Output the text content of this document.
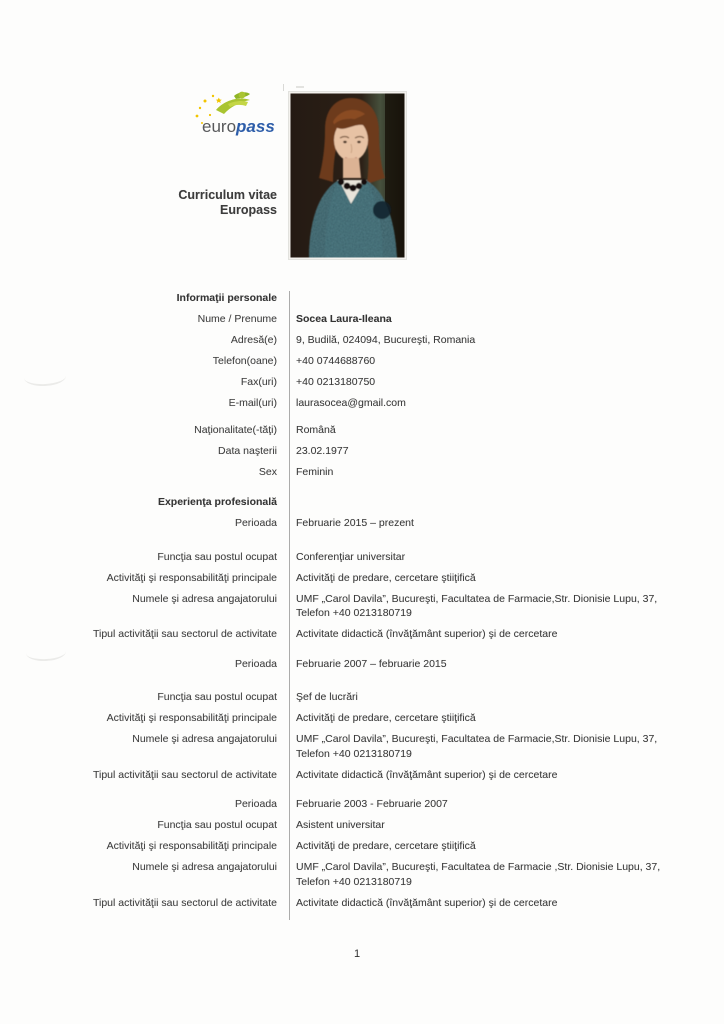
europass
Curriculum vitae
Europass
Informaţii personale
Nume / Prenume	Socea Laura-Ileana
Adresă(e)	9, Budilă, 024094, Bucureşti, Romania
Telefon(oane)	+40 0744688760
Fax(uri)	+40 0213180750
E-mail(uri)	laurasocea@gmail.com
Naţionalitate(-tăţi)	Română
Data naşterii	23.02.1977
Sex	Feminin
Experienţa profesională
Perioada	Februarie 2015 – prezent
Funcţia sau postul ocupat	Conferenţiar universitar
Activităţi şi responsabilităţi principale	Activităţi de predare, cercetare ştiiţifică
Numele şi adresa angajatorului	UMF „Carol Davila”, Bucureşti, Facultatea de Farmacie,Str. Dionisie Lupu, 37,
Telefon +40 0213180719
Tipul activităţii sau sectorul de activitate	Activitate didactică (învăţământ superior) şi de cercetare
Perioada	Februarie 2007 – februarie 2015
Funcţia sau postul ocupat	Şef de lucrări
Activităţi şi responsabilităţi principale	Activităţi de predare, cercetare ştiiţifică
Numele şi adresa angajatorului	UMF „Carol Davila”, Bucureşti, Facultatea de Farmacie,Str. Dionisie Lupu, 37,
Telefon +40 0213180719
Tipul activităţii sau sectorul de activitate	Activitate didactică (învăţământ superior) şi de cercetare
Perioada	Februarie 2003 - Februarie 2007
Funcţia sau postul ocupat	Asistent universitar
Activităţi şi responsabilităţi principale	Activităţi de predare, cercetare ştiiţifică
Numele şi adresa angajatorului	UMF „Carol Davila”, Bucureşti, Facultatea de Farmacie ,Str. Dionisie Lupu, 37,
Telefon +40 0213180719
Tipul activităţii sau sectorul de activitate	Activitate didactică (învăţământ superior) şi de cercetare
1
